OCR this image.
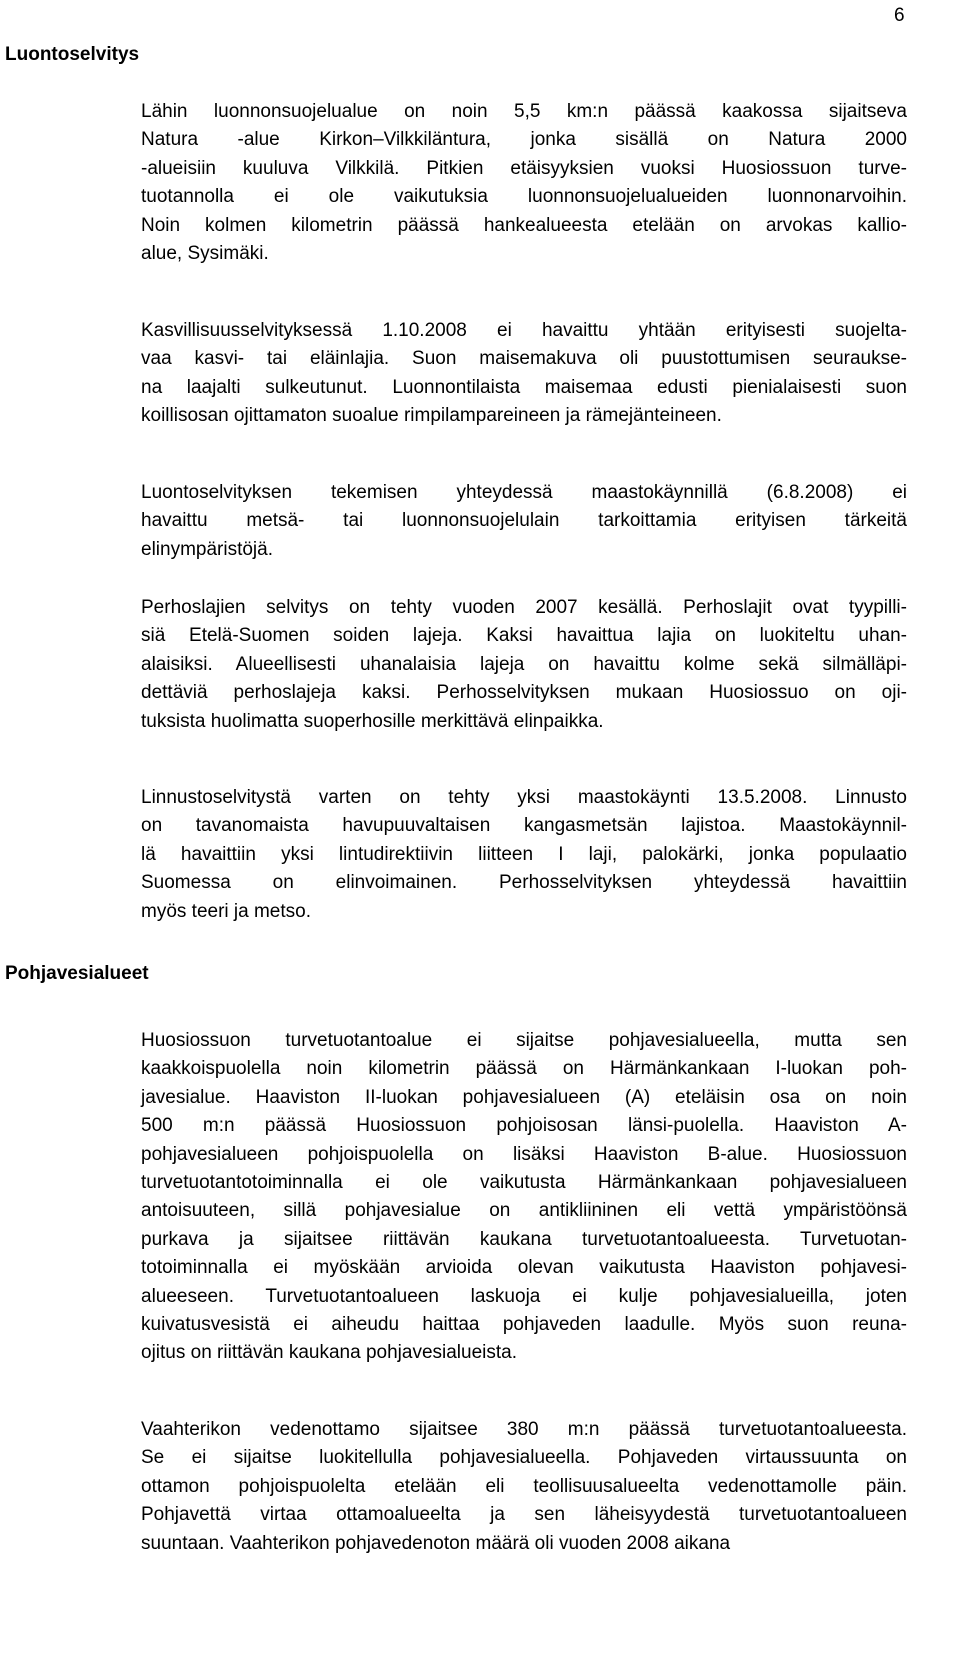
6
Luontoselvitys
Pohjavesialueet
Lähin luonnonsuojelualue on noin 5,5 km:n päässä kaakossa sijaitseva
Natura -alue Kirkon–Vilkkiläntura, jonka sisällä on Natura 2000
-alueisiin kuuluva Vilkkilä. Pitkien etäisyyksien vuoksi Huosiossuon turve-
tuotannolla ei ole vaikutuksia luonnonsuojelualueiden luonnonarvoihin.
Noin kolmen kilometrin päässä hankealueesta etelään on arvokas kallio-
alue, Sysimäki.
Kasvillisuusselvityksessä 1.10.2008 ei havaittu yhtään erityisesti suojelta-
vaa kasvi- tai eläinlajia. Suon maisemakuva oli puustottumisen seurauksе-
na laajalti sulkeutunut. Luonnontilaista maisemaa edusti pienialaisesti suon
koillisosan ojittamaton suoalue rimpilampareineen ja rämejänteineen.
Luontoselvityksen tekemisen yhteydessä maastokäynnillä (6.8.2008) ei
havaittu metsä- tai luonnonsuojelulain tarkoittamia erityisen tärkeitä
elinympäristöjä.
Perhoslajien selvitys on tehty vuoden 2007 kesällä. Perhoslajit ovat tyypilli-
siä Etelä-Suomen soiden lajeja. Kaksi havaittua lajia on luokiteltu uhan-
alaisiksi. Alueellisesti uhanalaisia lajeja on havaittu kolme sekä silmälläpi-
dettäviä perhoslajeja kaksi. Perhosselvityksen mukaan Huosiossuo on oji-
tuksista huolimatta suoperhosille merkittävä elinpaikka.
Linnustoselvitystä varten on tehty yksi maastokäynti 13.5.2008. Linnusto
on tavanomaista havupuuvaltaisen kangasmetsän lajistoa. Maastokäynnil-
lä havaittiin yksi lintudirektiivin liitteen I laji, palokärki, jonka populaatio
Suomessa on elinvoimainen. Perhosselvityksen yhteydessä havaittiin
myös teeri ja metso.
Huosiossuon turvetuotantoalue ei sijaitse pohjavesialueella, mutta sen
kaakkoispuolella noin kilometrin päässä on Härmänkankaan I-luokan poh-
javesialue. Haaviston II-luokan pohjavesialueen (A) eteläisin osa on noin
500 m:n päässä Huosiossuon pohjoisosan länsi-puolella. Haaviston A-
pohjavesialueen pohjoispuolella on lisäksi Haaviston B-alue. Huosiossuon
turvetuotantotoiminnalla ei ole vaikutusta Härmänkankaan pohjavesialueen
antoisuuteen, sillä pohjavesialue on antikliininen eli vettä ympäristöönsä
purkava ja sijaitsee riittävän kaukana turvetuotantoalueesta. Turvetuotan-
totoiminnalla ei myöskään arvioida olevan vaikutusta Haaviston pohjavesi-
alueeseen. Turvetuotantoalueen laskuoja ei kulje pohjavesialueilla, joten
kuivatusvesistä ei aiheudu haittaa pohjaveden laadulle. Myös suon reuna-
ojitus on riittävän kaukana pohjavesialueista.
Vaahterikon vedenottamo sijaitsee 380 m:n päässä turvetuotantoalueesta.
Se ei sijaitse luokitellulla pohjavesialueella. Pohjaveden virtaussuunta on
ottamon pohjoispuolelta etelään eli teollisuusalueelta vedenottamolle päin.
Pohjavettä virtaa ottamoalueelta ja sen läheisyydestä turvetuotantoalueen
suuntaan. Vaahterikon pohjavedenoton määrä oli vuoden 2008 aikana
